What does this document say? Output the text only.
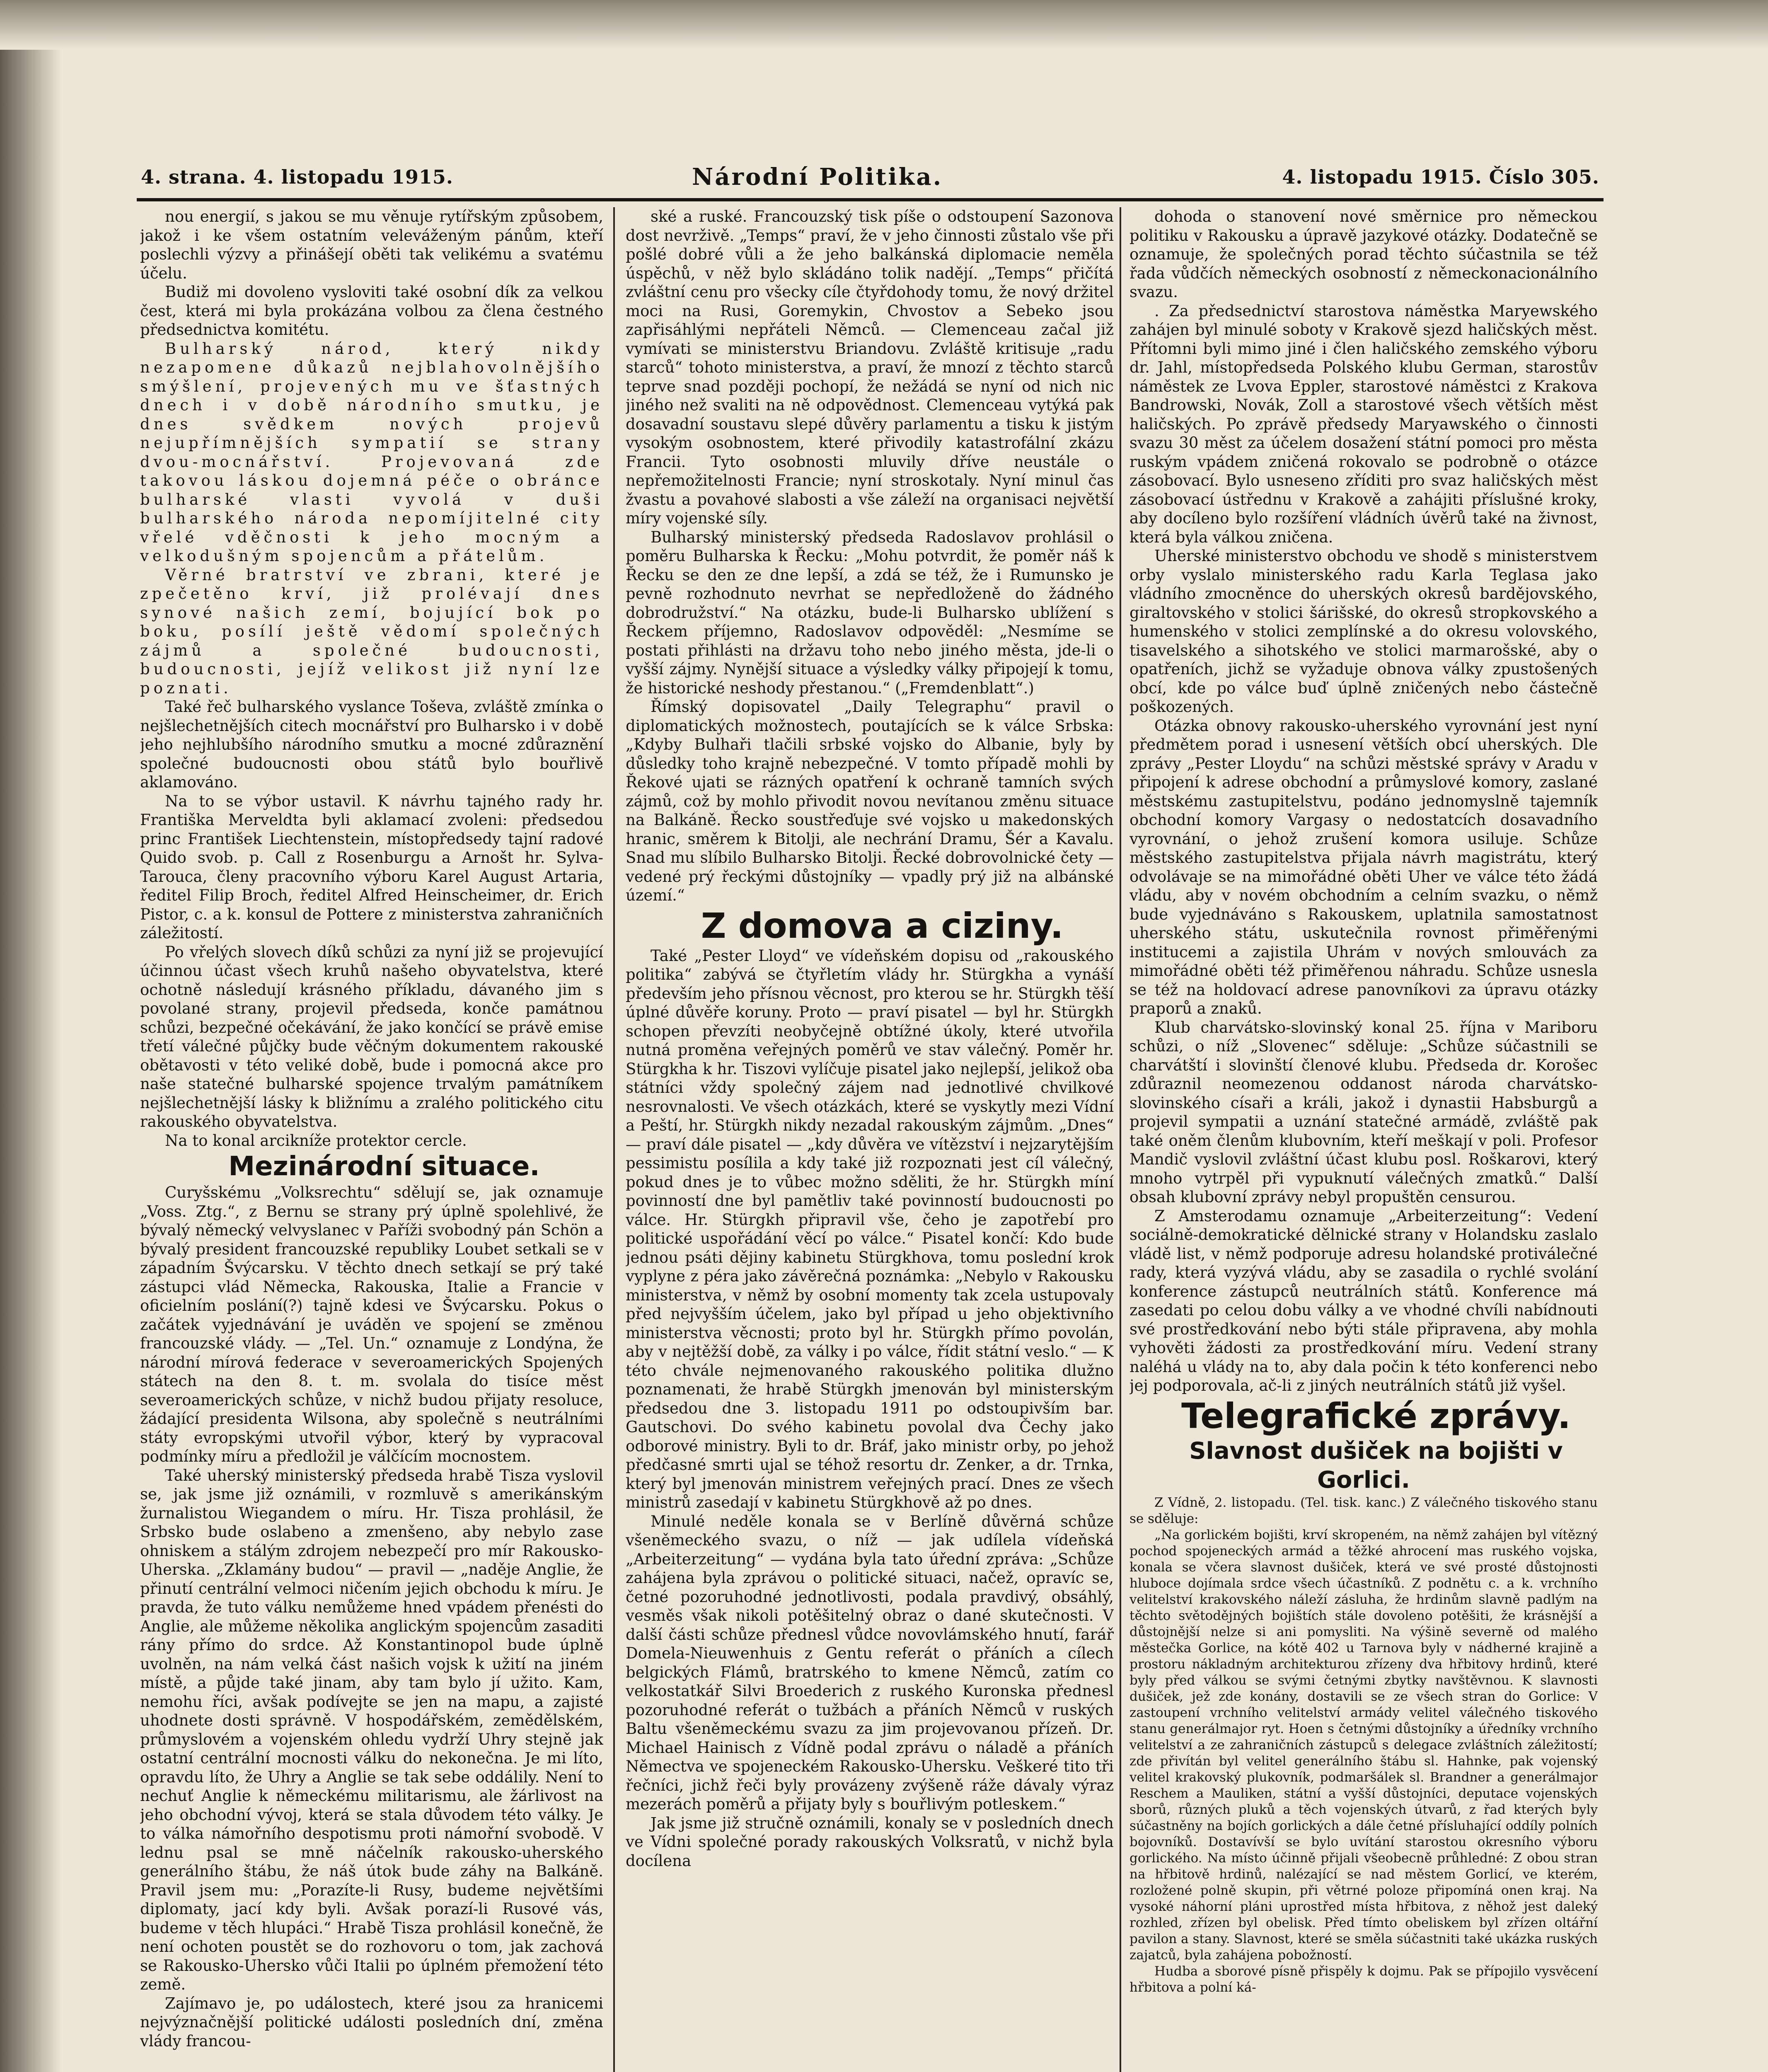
4. strana. 4. listopadu 1915.	Národní Politika.	4. listopadu 1915. Číslo 305.

nou energií, s jakou se mu věnuje rytířským způsobem, jakož i ke všem ostatním veleváženým pánům, kteří poslechli výzvy a přinášejí oběti tak velikému a svatému účelu.

Budiž mi dovoleno vysloviti také osobní dík za velkou čest, která mi byla prokázána volbou za člena čestného předsednictva komitétu.

Bulharský národ, který nikdy nezapomene důkazů nejblahovolnějšího smýšlení, projevených mu ve šťastných dnech i v době národního smutku, je dnes svědkem nových projevů nejupřímnějších sympatií se strany dvou-mocnářství. Projevovaná zde takovou láskou dojemná péče o obránce bulharské vlasti vyvolá v duši bulharského národa nepomíjitelné city vřelé vděčnosti k jeho mocným a velkodušným spojencům a přátelům.

Věrné bratrství ve zbrani, které je zpečetěno krví, již prolévají dnes synové našich zemí, bojující bok po boku, posílí ještě vědomí společných zájmů a společné budoucnosti, budoucnosti, jejíž velikost již nyní lze poznati.

Také řeč bulharského vyslance Toševa, zvláště zmínka o nejšlechetnějších citech mocnářství pro Bulharsko i v době jeho nejhlubšího národního smutku a mocné zdůraznění společné budoucnosti obou států bylo bouřlivě aklamováno.

Na to se výbor ustavil. K návrhu tajného rady hr. Františka Merveldta byli aklamací zvoleni: předsedou princ František Liechtenstein, místopředsedy tajní radové Quido svob. p. Call z Rosenburgu a Arnošt hr. Sylva-Tarouca, členy pracovního výboru Karel August Artaria, ředitel Filip Broch, ředitel Alfred Heinscheimer, dr. Erich Pistor, c. a k. konsul de Pottere z ministerstva zahraničních záležitostí.

Po vřelých slovech díků schůzi za nyní již se projevující účinnou účast všech kruhů našeho obyvatelstva, které ochotně následují krásného příkladu, dávaného jim s povolané strany, projevil předseda, konče památnou schůzi, bezpečné očekávání, že jako končící se právě emise třetí válečné půjčky bude věčným dokumentem rakouské obětavosti v této veliké době, bude i pomocná akce pro naše statečné bulharské spojence trvalým památníkem nejšlechetnější lásky k bližnímu a zralého politického citu rakouského obyvatelstva.

Na to konal arcikníže protektor cercle.

Mezinárodní situace.

Curyšskému „Volksrechtu“ sdělují se, jak oznamuje „Voss. Ztg.“, z Bernu se strany prý úplně spolehlivé, že bývalý německý velvyslanec v Paříži svobodný pán Schön a bývalý president francouzské republiky Loubet setkali se v západním Švýcarsku. V těchto dnech setkají se prý také zástupci vlád Německa, Rakouska, Italie a Francie v oficielním poslání(?) tajně kdesi ve Švýcarsku. Pokus o začátek vyjednávání je uváděn ve spojení se změnou francouzské vlády. — „Tel. Un.“ oznamuje z Londýna, že národní mírová federace v severoamerických Spojených státech na den 8. t. m. svolala do tisíce měst severoamerických schůze, v nichž budou přijaty resoluce, žádající presidenta Wilsona, aby společně s neutrálními státy evropskými utvořil výbor, který by vypracoval podmínky míru a předložil je válčícím mocnostem.

Také uherský ministerský předseda hrabě Tisza vyslovil se, jak jsme již oznámili, v rozmluvě s amerikánským žurnalistou Wiegandem o míru. Hr. Tisza prohlásil, že Srbsko bude oslabeno a zmenšeno, aby nebylo zase ohniskem a stálým zdrojem nebezpečí pro mír Rakousko-Uherska. „Zklamány budou“ — pravil — „naděje Anglie, že přinutí centrální velmoci ničením jejich obchodu k míru. Je pravda, že tuto válku nemůžeme hned vpádem přenésti do Anglie, ale můžeme několika anglickým spojencům zasaditi rány přímo do srdce. Až Konstantinopol bude úplně uvolněn, na nám velká část našich vojsk k užití na jiném místě, a půjde také jinam, aby tam bylo jí užito. Kam, nemohu říci, avšak podívejte se jen na mapu, a zajisté uhodnete dosti správně. V hospodářském, zemědělském, průmyslovém a vojenském ohledu vydrží Uhry stejně jak ostatní centrální mocnosti válku do nekonečna. Je mi líto, opravdu líto, že Uhry a Anglie se tak sebe oddálily. Není to nechuť Anglie k německému militarismu, ale žárlivost na jeho obchodní vývoj, která se stala důvodem této války. Je to válka námořního despotismu proti námořní svobodě. V lednu psal se mně náčelník rakousko-uherského generálního štábu, že náš útok bude záhy na Balkáně. Pravil jsem mu: „Porazíte-li Rusy, budeme největšími diplomaty, jací kdy byli. Avšak porazí-li Rusové vás, budeme v těch hlupáci.“ Hrabě Tisza prohlásil konečně, že není ochoten poustět se do rozhovoru o tom, jak zachová se Rakousko-Uhersko vůči Italii po úplném přemožení této země.

Zajímavo je, po událostech, které jsou za hranicemi nejvýznačnější politické události posledních dní, změna vlády francou-

ské a ruské. Francouzský tisk píše o odstoupení Sazonova dost nevrživě. „Temps“ praví, že v jeho činnosti zůstalo vše při pošlé dobré vůli a že jeho balkánská diplomacie neměla úspěchů, v něž bylo skládáno tolik nadějí. „Temps“ přičítá zvláštní cenu pro všecky cíle čtyřdohody tomu, že nový držitel moci na Rusi, Goremykin, Chvostov a Sebeko jsou zapřisáhlými nepřáteli Němců. — Clemenceau začal již vymívati se ministerstvu Briandovu. Zvláště kritisuje „radu starců“ tohoto ministerstva, a praví, že mnozí z těchto starců teprve snad později pochopí, že nežádá se nyní od nich nic jiného než svaliti na ně odpovědnost. Clemenceau vytýká pak dosavadní soustavu slepé důvěry parlamentu a tisku k jistým vysokým osobnostem, které přivodily katastrofální zkázu Francii. Tyto osobnosti mluvily dříve neustále o nepřemožitelnosti Francie; nyní stroskotaly. Nyní minul čas žvastu a povahové slabosti a vše záleží na organisaci největší míry vojenské síly.

Bulharský ministerský předseda Radoslavov prohlásil o poměru Bulharska k Řecku: „Mohu potvrdit, že poměr náš k Řecku se den ze dne lepší, a zdá se též, že i Rumunsko je pevně rozhodnuto nevrhat se nepředloženě do žádného dobrodružství.“ Na otázku, bude-li Bulharsko ublížení s Řeckem příjemno, Radoslavov odpověděl: „Nesmíme se postati přihlásti na državu toho nebo jiného města, jde-li o vyšší zájmy. Nynější situace a výsledky války připojejí k tomu, že historické neshody přestanou.“ („Fremdenblatt“.)

Římský dopisovatel „Daily Telegraphu“ pravil o diplomatických možnostech, poutajících se k válce Srbska: „Kdyby Bulhaři tlačili srbské vojsko do Albanie, byly by důsledky toho krajně nebezpečné. V tomto případě mohli by Řekové ujati se rázných opatření k ochraně tamních svých zájmů, což by mohlo přivodit novou nevítanou změnu situace na Balkáně. Řecko soustřeďuje své vojsko u makedonských hranic, směrem k Bitolji, ale nechrání Dramu, Šér a Kavalu. Snad mu slíbilo Bulharsko Bitolji. Řecké dobrovolnické čety — vedené prý řeckými důstojníky — vpadly prý již na albánské území.“

Z domova a ciziny.

Také „Pester Lloyd“ ve vídeňském dopisu od „rakouského politika“ zabývá se čtyřletím vlády hr. Stürgkha a vynáší především jeho přísnou věcnost, pro kterou se hr. Stürgkh těší úplné důvěře koruny. Proto — praví pisatel — byl hr. Stürgkh schopen převzíti neobyčejně obtížné úkoly, které utvořila nutná proměna veřejných poměrů ve stav válečný. Poměr hr. Stürgkha k hr. Tiszovi vylíčuje pisatel jako nejlepší, jelikož oba státníci vždy společný zájem nad jednotlivé chvilkové nesrovnalosti. Ve všech otázkách, které se vyskytly mezi Vídní a Peští, hr. Stürgkh nikdy nezadal rakouským zájmům. „Dnes“ — praví dále pisatel — „kdy důvěra ve vítězství i nejzarytějším pessimistu posílila a kdy také již rozpoznati jest cíl válečný, pokud dnes je to vůbec možno sděliti, že hr. Stürgkh míní povinností dne byl pamětliv také povinností budoucnosti po válce. Hr. Stürgkh připravil vše, čeho je zapotřebí pro politické uspořádání věcí po válce.“ Pisatel končí: Kdo bude jednou psáti dějiny kabinetu Stürgkhova, tomu poslední krok vyplyne z péra jako závěrečná poznámka: „Nebylo v Rakousku ministerstva, v němž by osobní momenty tak zcela ustupovaly před nejvyšším účelem, jako byl případ u jeho objektivního ministerstva věcnosti; proto byl hr. Stürgkh přímo povolán, aby v nejtěžší době, za války i po válce, řídit státní veslo.“ — K této chvále nejmenovaného rakouského politika dlužno poznamenati, že hrabě Stürgkh jmenován byl ministerským předsedou dne 3. listopadu 1911 po odstoupivším bar. Gautschovi. Do svého kabinetu povolal dva Čechy jako odborové ministry. Byli to dr. Bráf, jako ministr orby, po jehož předčasné smrti ujal se téhož resortu dr. Zenker, a dr. Trnka, který byl jmenován ministrem veřejných prací. Dnes ze všech ministrů zasedají v kabinetu Stürgkhově až po dnes.

Minulé neděle konala se v Berlíně důvěrná schůze všeněmeckého svazu, o níž — jak udílela vídeňská „Arbeiterzeitung“ — vydána byla tato úřední zpráva: „Schůze zahájena byla zprávou o politické situaci, načež, opravíc se, četné pozoruhodné jednotlivosti, podala pravdivý, obsáhlý, vesměs však nikoli potěšitelný obraz o dané skutečnosti. V další části schůze přednesl vůdce novovlámského hnutí, farář Domela-Nieuwenhuis z Gentu referát o přáních a cílech belgických Flámů, bratrského to kmene Němců, zatím co velkostatkář Silvi Broederich z ruského Kuronska přednesl pozoruhodné referát o tužbách a přáních Němců v ruských Baltu všeněmeckému svazu za jim projevovanou přízeň. Dr. Michael Hainisch z Vídně podal zprávu o náladě a přáních Němectva ve spojeneckém Rakousko-Uhersku. Veškeré tito tři řečníci, jichž řeči byly provázeny zvýšeně ráže dávaly výraz mezerách poměrů a přijaty byly s bouřlivým potleskem.“

Jak jsme již stručně oznámili, konaly se v posledních dnech ve Vídni společné porady rakouských Volksratů, v nichž byla docílena

dohoda o stanovení nové směrnice pro německou politiku v Rakousku a úpravě jazykové otázky. Dodatečně se oznamuje, že společných porad těchto súčastnila se též řada vůdčích německých osobností z německonacionálního svazu.

. Za předsednictví starostova náměstka Maryewského zahájen byl minulé soboty v Krakově sjezd haličských měst. Přítomni byli mimo jiné i člen haličského zemského výboru dr. Jahl, místopředseda Polského klubu German, starostův náměstek ze Lvova Eppler, starostové náměstci z Krakova Bandrowski, Novák, Zoll a starostové všech větších měst haličských. Po zprávě předsedy Maryawského o činnosti svazu 30 měst za účelem dosažení státní pomoci pro města ruským vpádem zničená rokovalo se podrobně o otázce zásobovací. Bylo usneseno zříditi pro svaz haličských měst zásobovací ústřednu v Krakově a zahájiti příslušné kroky, aby docíleno bylo rozšíření vládních úvěrů také na živnost, která byla válkou zničena.

Uherské ministerstvo obchodu ve shodě s ministerstvem orby vyslalo ministerského radu Karla Teglasa jako vládního zmocněnce do uherských okresů bardějovského, giraltovského v stolici šárišské, do okresů stropkovského a humenského v stolici zemplínské a do okresu volovského, tisavelského a sihotského ve stolici marmarošské, aby o opatřeních, jichž se vyžaduje obnova války zpustošených obcí, kde po válce buď úplně zničených nebo částečně poškozených.

Otázka obnovy rakousko-uherského vyrovnání jest nyní předmětem porad i usnesení větších obcí uherských. Dle zprávy „Pester Lloydu“ na schůzi městské správy v Aradu v připojení k adrese obchodní a průmyslové komory, zaslané městskému zastupitelstvu, podáno jednomyslně tajemník obchodní komory Vargasy o nedostatcích dosavadního vyrovnání, o jehož zrušení komora usiluje. Schůze městského zastupitelstva přijala návrh magistrátu, který odvolávaje se na mimořádné oběti Uher ve válce této žádá vládu, aby v novém obchodním a celním svazku, o němž bude vyjednáváno s Rakouskem, uplatnila samostatnost uherského státu, uskutečnila rovnost přiměřenými institucemi a zajistila Uhrám v nových smlouvách za mimořádné oběti též přiměřenou náhradu. Schůze usnesla se též na holdovací adrese panovníkovi za úpravu otázky praporů a znaků.

Klub charvátsko-slovinský konal 25. října v Mariboru schůzi, o níž „Slovenec“ sděluje: „Schůze súčastnili se charvátští i slovinští členové klubu. Předseda dr. Korošec zdůraznil neomezenou oddanost národa charvátsko-slovinského císaři a králi, jakož i dynastii Habsburgů a projevil sympatii a uznání statečné armádě, zvláště pak také oněm členům klubovním, kteří meškají v poli. Profesor Mandič vyslovil zvláštní účast klubu posl. Roškarovi, který mnoho vytrpěl při vypuknutí válečných zmatků.“ Další obsah klubovní zprávy nebyl propuštěn censurou.

Z Amsterodamu oznamuje „Arbeiterzeitung“: Vedení sociálně-demokratické dělnické strany v Holandsku zaslalo vládě list, v němž podporuje adresu holandské protiválečné rady, která vyzývá vládu, aby se zasadila o rychlé svolání konference zástupců neutrálních států. Konference má zasedati po celou dobu války a ve vhodné chvíli nabídnouti své prostředkování nebo býti stále připravena, aby mohla vyhověti žádosti za prostředkování míru. Vedení strany naléhá u vlády na to, aby dala počin k této konferenci nebo jej podporovala, ač-li z jiných neutrálních států již vyšel.

Telegrafické zprávy.

Slavnost dušiček na bojišti v Gorlici.

Z Vídně, 2. listopadu. (Tel. tisk. kanc.) Z válečného tiskového stanu se sděluje:

„Na gorlickém bojišti, krví skropeném, na němž zahájen byl vítězný pochod spojeneckých armád a těžké ahrocení mas ruského vojska, konala se včera slavnost dušiček, která ve své prosté důstojnosti hluboce dojímala srdce všech účastníků. Z podnětu c. a k. vrchního velitelství krakovského náleží zásluha, že hrdinům slavně padlým na těchto světodějných bojištích stále dovoleno potěšiti, že krásnější a důstojnější nelze si ani pomysliti. Na výšině severně od malého městečka Gorlice, na kótě 402 u Tarnova byly v nádherné krajině a prostoru nákladným architekturou zřízeny dva hřbitovy hrdinů, které byly před válkou se svými četnými zbytky navštěvnou. K slavnosti dušiček, jež zde konány, dostavili se ze všech stran do Gorlice: V zastoupení vrchního velitelství armády velitel válečného tiskového stanu generálmajor ryt. Hoen s četnými důstojníky a úředníky vrchního velitelství a ze zahraničních zástupců s delegace zvláštních záležitostí; zde přivítán byl velitel generálního štábu sl. Hahnke, pak vojenský velitel krakovský plukovník, podmaršálek sl. Brandner a generálmajor Reschem a Mauliken, státní a vyšší důstojníci, deputace vojenských sborů, různých pluků a těch vojenských útvarů, z řad kterých byly súčastněny na bojích gorlických a dále četné přísluhající oddíly polních bojovníků. Dostavívší se bylo uvítání starostou okresního výboru gorlického. Na místo účinně přijali všeobecně průhledné: Z obou stran na hřbitově hrdinů, nalézající se nad městem Gorlicí, ve kterém, rozložené polně skupin, při větrné poloze připomíná onen kraj. Na vysoké náhorní pláni uprostřed místa hřbitova, z něhož jest daleký rozhled, zřízen byl obelisk. Před tímto obeliskem byl zřízen oltářní pavilon a stany. Slavnost, které se směla súčastniti také ukázka ruských zajatců, byla zahájena pobožností.

Hudba a sborové písně přispěly k dojmu. Pak se přípojilo vysvěcení hřbitova a polní ká-
